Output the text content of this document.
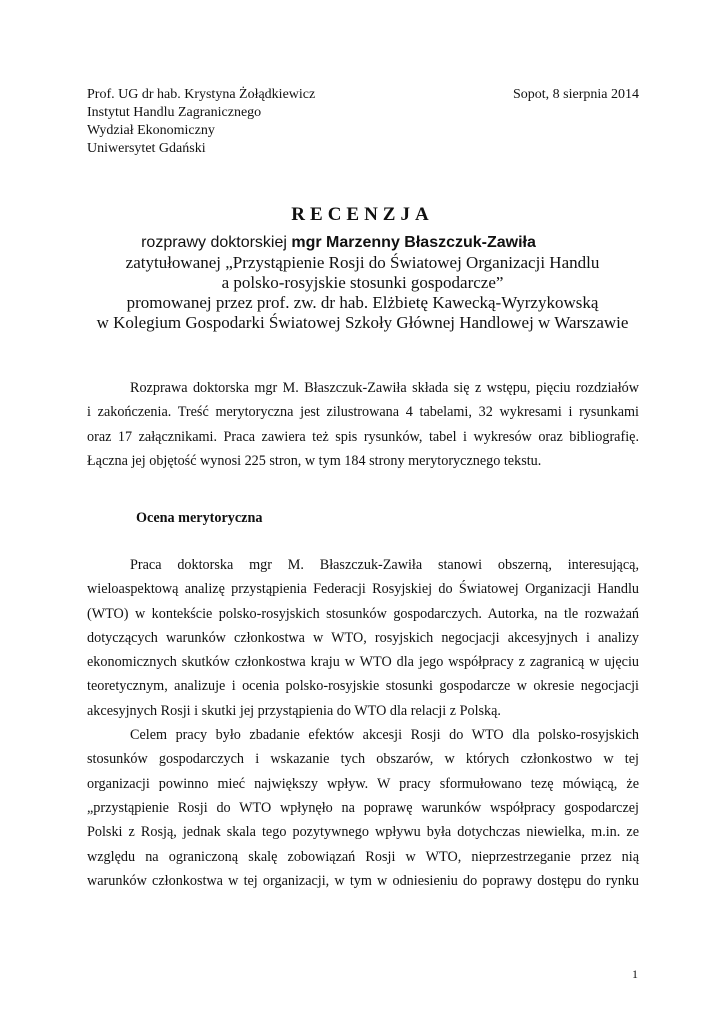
Prof. UG dr hab. Krystyna Żołądkiewicz
Instytut Handlu Zagranicznego
Wydział Ekonomiczny
Uniwersytet Gdański
Sopot, 8 sierpnia 2014
RECENZJA
rozprawy doktorskiej mgr Marzenny Błaszczuk-Zawiła
zatytułowanej „Przystąpienie Rosji do Światowej Organizacji Handlu
a polsko-rosyjskie stosunki gospodarcze”
promowanej przez prof. zw. dr hab. Elżbietę Kawecką-Wyrzykowską
w Kolegium Gospodarki Światowej Szkoły Głównej Handlowej w Warszawie
Rozprawa doktorska mgr M. Błaszczuk-Zawiła składa się z wstępu, pięciu rozdziałów
i zakończenia. Treść merytoryczna jest zilustrowana 4 tabelami, 32 wykresami i rysunkami
oraz 17 załącznikami. Praca zawiera też spis rysunków, tabel i wykresów oraz bibliografię.
Łączna jej objętość wynosi 225 stron, w tym 184 strony merytorycznego tekstu.
Ocena merytoryczna
Praca doktorska mgr M. Błaszczuk-Zawiła stanowi obszerną, interesującą,
wieloaspektową analizę przystąpienia Federacji Rosyjskiej do Światowej Organizacji Handlu
(WTO) w kontekście polsko-rosyjskich stosunków gospodarczych. Autorka, na tle rozważań
dotyczących warunków członkostwa w WTO, rosyjskich negocjacji akcesyjnych i analizy
ekonomicznych skutków członkostwa kraju w WTO dla jego współpracy z zagranicą w ujęciu
teoretycznym, analizuje i ocenia polsko-rosyjskie stosunki gospodarcze w okresie negocjacji
akcesyjnych Rosji i skutki jej przystąpienia do WTO dla relacji z Polską.
Celem pracy było zbadanie efektów akcesji Rosji do WTO dla polsko-rosyjskich
stosunków gospodarczych i wskazanie tych obszarów, w których członkostwo w tej
organizacji powinno mieć największy wpływ. W pracy sformułowano tezę mówiącą, że
„przystąpienie Rosji do WTO wpłynęło na poprawę warunków współpracy gospodarczej
Polski z Rosją, jednak skala tego pozytywnego wpływu była dotychczas niewielka, m.in. ze
względu na ograniczoną skalę zobowiązań Rosji w WTO, nieprzestrzeganie przez nią
warunków członkostwa w tej organizacji, w tym w odniesieniu do poprawy dostępu do rynku
1
